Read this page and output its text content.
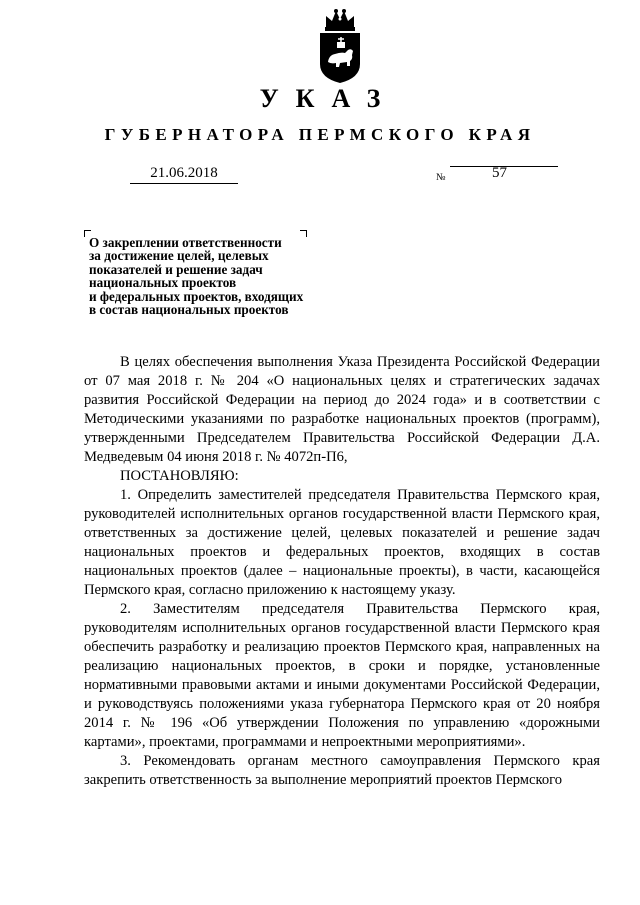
УКАЗ
ГУБЕРНАТОРА ПЕРМСКОГО КРАЯ
21.06.2018	№	57
О закреплении ответственности
за достижение целей, целевых
показателей и решение задач
национальных проектов
и федеральных проектов, входящих
в состав национальных проектов

В целях обеспечения выполнения Указа Президента Российской Федерации от 07 мая 2018 г. № 204 «О национальных целях и стратегических задачах развития Российской Федерации на период до 2024 года» и в соответствии с Методическими указаниями по разработке национальных проектов (программ), утвержденными Председателем Правительства Российской Федерации Д.А. Медведевым 04 июня 2018 г. № 4072п-П6,

ПОСТАНОВЛЯЮ:

1. Определить заместителей председателя Правительства Пермского края, руководителей исполнительных органов государственной власти Пермского края, ответственных за достижение целей, целевых показателей и решение задач национальных проектов и федеральных проектов, входящих в состав национальных проектов (далее – национальные проекты), в части, касающейся Пермского края, согласно приложению к настоящему указу.

2. Заместителям председателя Правительства Пермского края, руководителям исполнительных органов государственной власти Пермского края обеспечить разработку и реализацию проектов Пермского края, направленных на реализацию национальных проектов, в сроки и порядке, установленные нормативными правовыми актами и иными документами Российской Федерации, и руководствуясь положениями указа губернатора Пермского края от 20 ноября 2014 г. № 196 «Об утверждении Положения по управлению «дорожными картами», проектами, программами и непроектными мероприятиями».

3. Рекомендовать органам местного самоуправления Пермского края закрепить ответственность за выполнение мероприятий проектов Пермского
